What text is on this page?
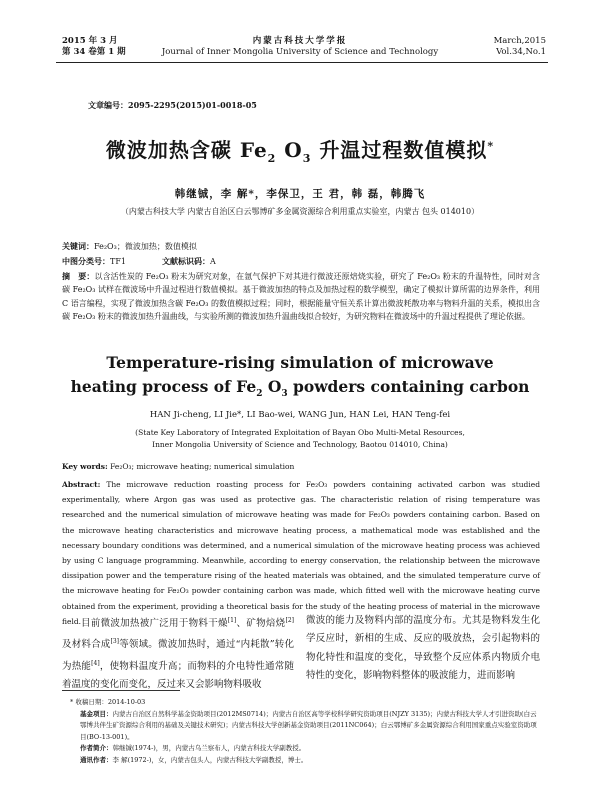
2015 年 3 月
第 34 卷第 1 期
内蒙古科技大学学报
Journal of Inner Mongolia University of Science and Technology
March,2015
Vol.34,No.1
文章编号：2095-2295(2015)01-0018-05
微波加热含碳 $Fe_2$ $O_3$ 升温过程数值模拟*
韩继铖，李 解*，李保卫，王 君，韩 磊，韩腾飞
（内蒙古科技大学 内蒙古自治区白云鄂博矿多金属资源综合利用重点实验室，内蒙古 包头 014010）
关键词：Fe₂O₃；微波加热；数值模拟
中图分类号：TF1	文献标识码：A
摘　要：以含活性炭的 Fe₂O₃ 粉末为研究对象，在氩气保护下对其进行微波还原焙烧实验，研究了 Fe₂O₃ 粉末的升温特性，同时对含碳 Fe₂O₃ 试样在微波场中升温过程进行数值模拟。基于微波加热的特点及加热过程的数学模型，确定了模拟计算所需的边界条件，利用 C 语言编程，实现了微波加热含碳 Fe₂O₃ 的数值模拟过程；同时，根据能量守恒关系计算出微波耗散功率与物料升温的关系，模拟出含碳 Fe₂O₃ 粉末的微波加热升温曲线，与实验所测的微波加热升温曲线拟合较好，为研究物料在微波场中的升温过程提供了理论依据。
Temperature-rising simulation of microwave
heating process of $Fe_2$ $O_3$ powders containing carbon
HAN Ji-cheng, LI Jie*, LI Bao-wei, WANG Jun, HAN Lei, HAN Teng-fei
(State Key Laboratory of Integrated Exploitation of Bayan Obo Multi-Metal Resources,
Inner Mongolia University of Science and Technology, Baotou 014010, China)
Key words: Fe₂O₃; microwave heating; numerical simulation
Abstract: The microwave reduction roasting process for Fe₂O₃ powders containing activated carbon was studied experimentally, where Argon gas was used as protective gas. The characteristic relation of rising temperature was researched and the numerical simulation of microwave heating was made for Fe₂O₃ powders containing carbon. Based on the microwave heating characteristics and microwave heating process, a mathematical mode was established and the necessary boundary conditions was determined, and a numerical simulation of the microwave heating process was achieved by using C language programming. Meanwhile, according to energy conservation, the relationship between the microwave dissipation power and the temperature rising of the heated materials was obtained, and the simulated temperature curve of the microwave heating for Fe₂O₃ powder containing carbon was made, which fitted well with the microwave heating curve obtained from the experiment, providing a theoretical basis for the study of the heating process of material in the microwave field. 目前微波加热被广泛用于物料干燥[1]、矿物焙烧[2]及材料合成[3]等领域。微波加热时，通过“内耗散”转化为热能[4]，使物料温度升高；而物料的介电特性通常随着温度的变化而变化，反过来又会影响物料吸收

微波的能力及物料内部的温度分布。尤其是物料发生化学反应时，新相的生成、反应的吸放热，会引起物料的物化特性和温度的变化，导致整个反应体系内物质介电特性的变化，影响物料整体的吸波能力，进而影响

* 收稿日期：2014-10-03
基金项目：内蒙古自治区自然科学基金资助项目(2012MS0714)；内蒙古自治区高等学校科学研究资助项目(NJZY 3135)；内蒙古科技大学人才引进资助(白云鄂博共伴生矿资源综合利用的基础及关键技术研究)；内蒙古科技大学创新基金资助项目(2011NC064)；白云鄂博矿多金属资源综合利用国家重点实验室资助项目(BO-13-001)。
作者简介：韩继铖(1974-)，男，内蒙古乌兰察布人，内蒙古科技大学副教授。
通讯作者：李 解(1972-)，女，内蒙古包头人，内蒙古科技大学副教授，博士。
